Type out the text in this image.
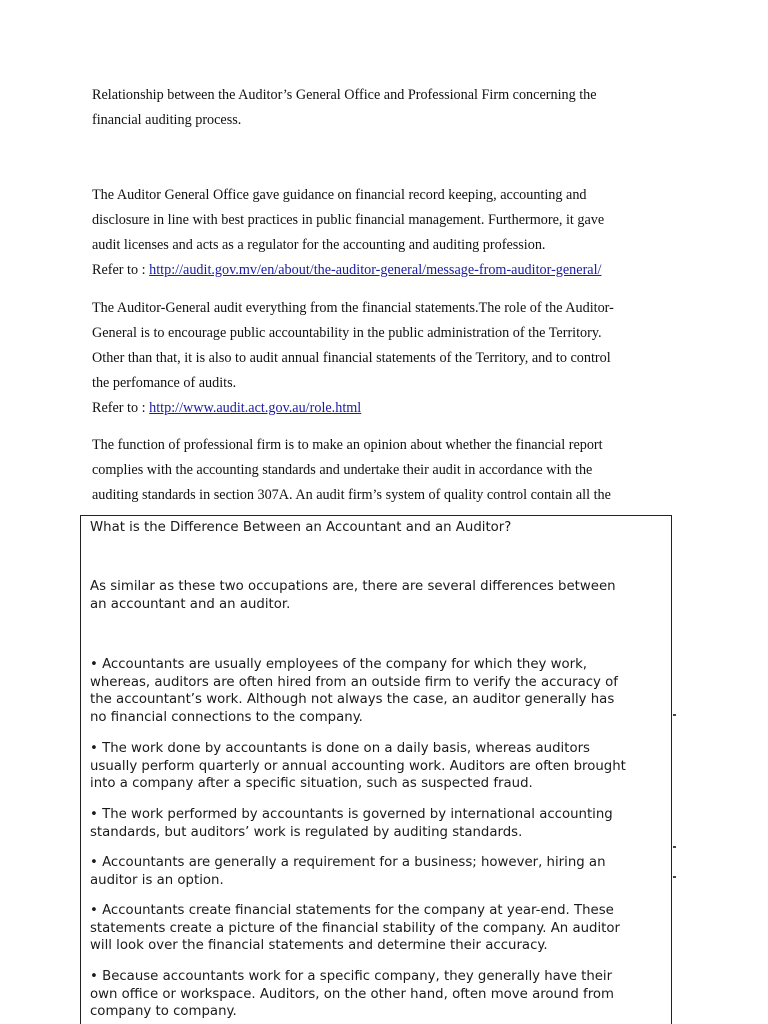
Relationship between the Auditor’s General Office and Professional Firm concerning the
financial auditing process.
The Auditor General Office gave guidance on financial record keeping, accounting and
disclosure in line with best practices in public financial management. Furthermore, it gave
audit licenses and acts as a regulator for the accounting and auditing profession.
Refer to : http://audit.gov.mv/en/about/the-auditor-general/message-from-auditor-general/
The Auditor-General audit everything from the financial statements.The role of the Auditor-
General is to encourage public accountability in the public administration of the Territory.
Other than that, it is also to audit annual financial statements of the Territory, and to control
the perfomance of audits.
Refer to : http://www.audit.act.gov.au/role.html
The function of professional firm is to make an opinion about whether the financial report
complies with the accounting standards and undertake their audit in accordance with the
auditing standards in section 307A. An audit firm’s system of quality control contain all the
What is the Difference Between an Accountant and an Auditor?
As similar as these two occupations are, there are several differences between
an accountant and an auditor.
• Accountants are usually employees of the company for which they work,
whereas, auditors are often hired from an outside firm to verify the accuracy of
the accountant’s work. Although not always the case, an auditor generally has
no financial connections to the company.
• The work done by accountants is done on a daily basis, whereas auditors
usually perform quarterly or annual accounting work. Auditors are often brought
into a company after a specific situation, such as suspected fraud.
• The work performed by accountants is governed by international accounting
standards, but auditors’ work is regulated by auditing standards.
• Accountants are generally a requirement for a business; however, hiring an
auditor is an option.
• Accountants create financial statements for the company at year-end. These
statements create a picture of the financial stability of the company. An auditor
will look over the financial statements and determine their accuracy.
• Because accountants work for a specific company, they generally have their
own office or workspace. Auditors, on the other hand, often move around from
company to company.
